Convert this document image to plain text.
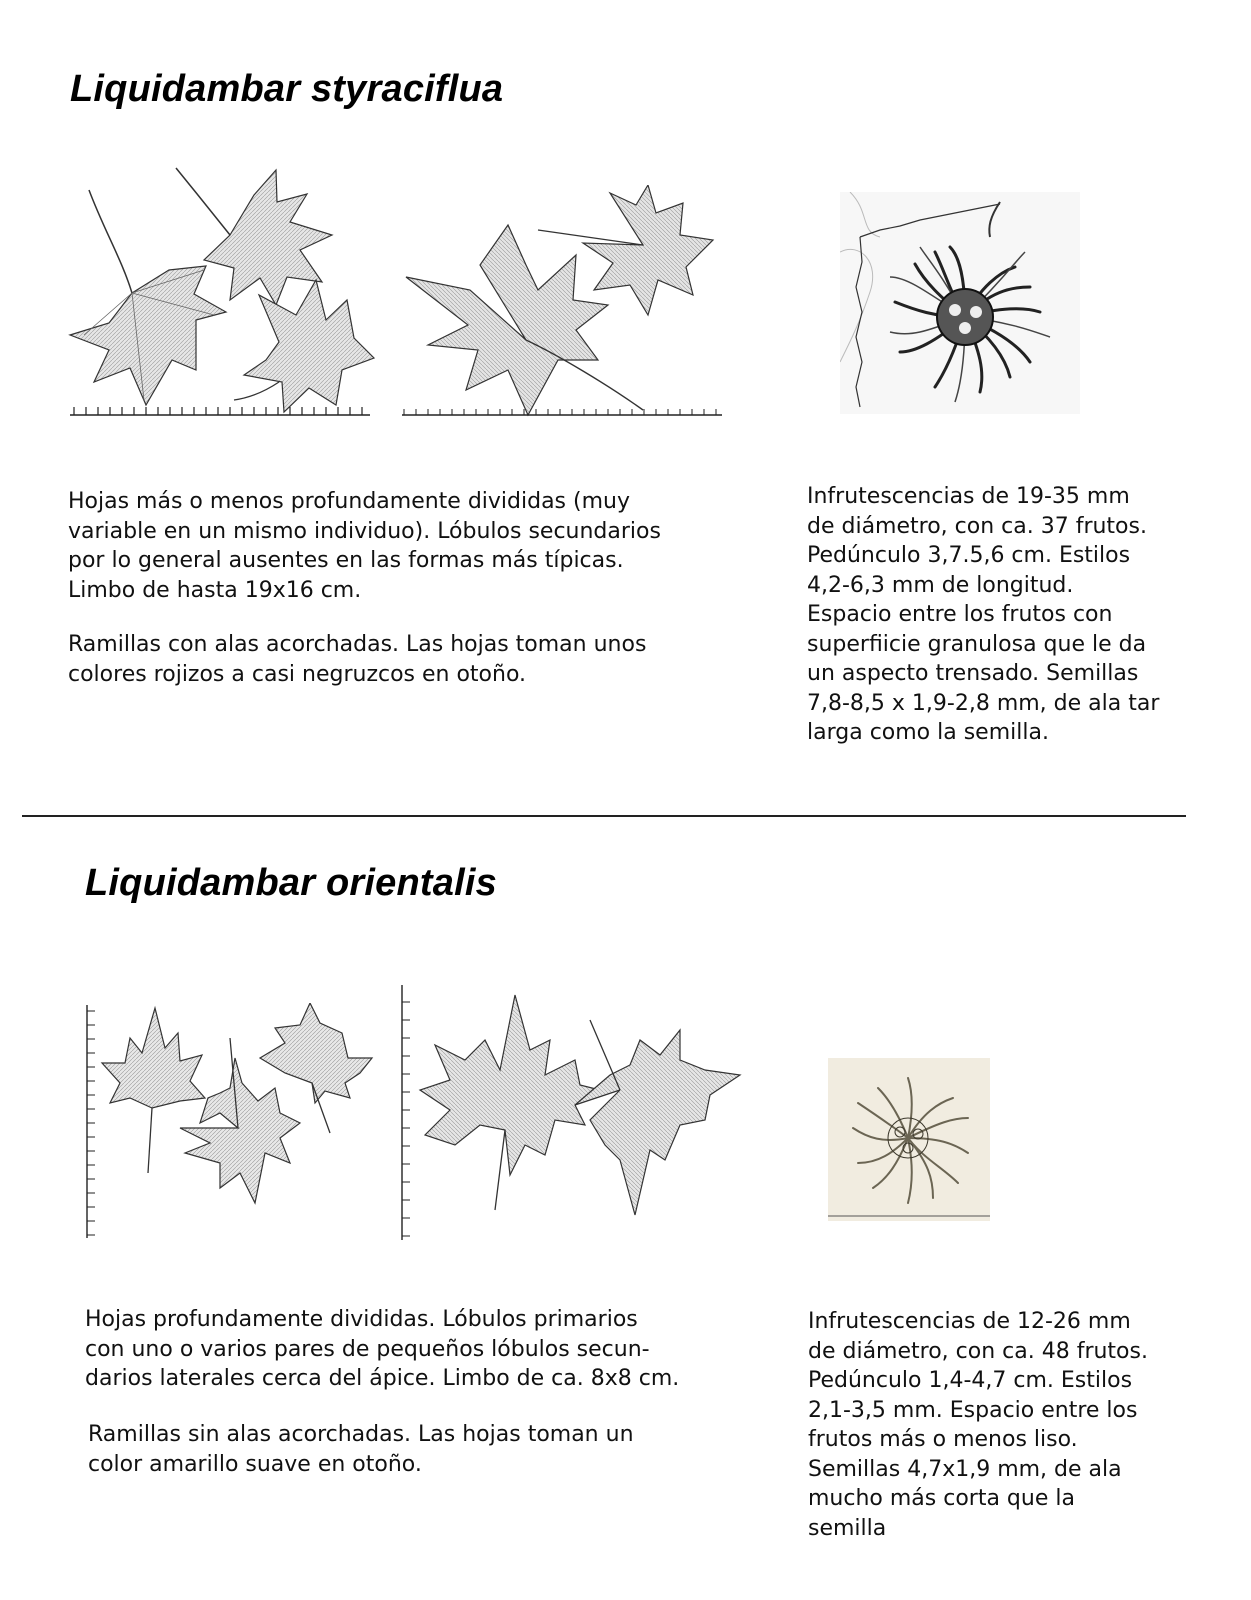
Liquidambar styraciflua

Hojas más o menos profundamente divididas (muy

variable en un mismo individuo). Lóbulos secundarios

por lo general ausentes en las formas más típicas.

Limbo de hasta 19x16 cm.

Ramillas con alas acorchadas. Las hojas toman unos

colores rojizos a casi negruzcos en otoño.

Infrutescencias de 19-35 mm

de diámetro, con ca. 37 frutos.

Pedúnculo 3,7.5,6 cm. Estilos

4,2-6,3 mm de longitud.

Espacio entre los frutos con

superfiicie granulosa que le da

un aspecto trensado. Semillas

7,8-8,5 x 1,9-2,8 mm, de ala tar

larga como la semilla.

Liquidambar orientalis

Hojas profundamente divididas. Lóbulos primarios

con uno o varios pares de pequeños lóbulos secun-

darios laterales cerca del ápice. Limbo de ca. 8x8 cm.

Ramillas sin alas acorchadas. Las hojas toman un

color amarillo suave en otoño.

Infrutescencias de 12-26 mm

de diámetro, con ca. 48 frutos.

Pedúnculo 1,4-4,7 cm. Estilos

2,1-3,5 mm. Espacio entre los

frutos más o menos liso.

Semillas 4,7x1,9 mm, de ala

mucho más corta que la

semilla
